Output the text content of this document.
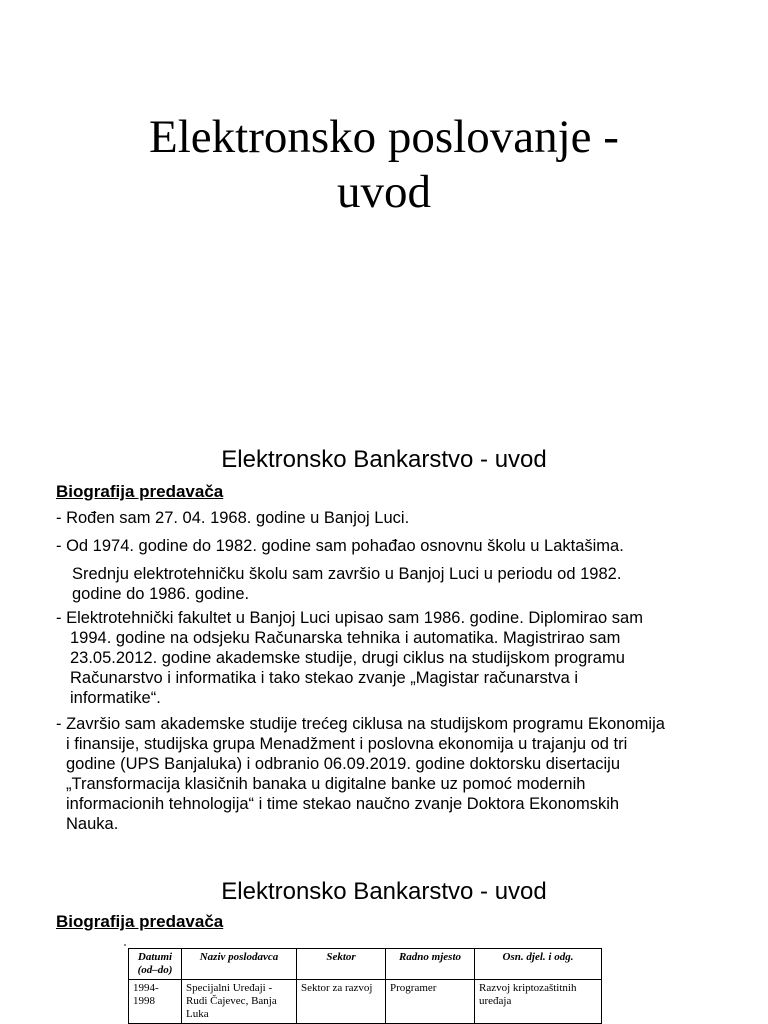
Elektronsko poslovanje -
uvod
Elektronsko Bankarstvo - uvod
Biografija predavača
- Rođen sam 27. 04. 1968. godine u Banjoj Luci.
- Od 1974. godine do 1982. godine sam pohađao osnovnu školu u Laktašima.
Srednju elektrotehničku školu sam završio u Banjoj Luci u periodu od 1982.
godine do 1986. godine.
- Elektrotehnički fakultet u Banjoj Luci upisao sam 1986. godine. Diplomirao sam
1994. godine na odsjeku Računarska tehnika i automatika. Magistrirao sam
23.05.2012. godine akademske studije, drugi ciklus na studijskom programu
Računarstvo i informatika i tako stekao zvanje „Magistar računarstva i
informatike“.
- Završio sam akademske studije trećeg ciklusa na studijskom programu Ekonomija
i finansije, studijska grupa Menadžment i poslovna ekonomija u trajanju od tri
godine (UPS Banjaluka) i odbranio 06.09.2019. godine doktorsku disertaciju
„Transformacija klasičnih banaka u digitalne banke uz pomoć modernih
informacionih tehnologija“ i time stekao naučno zvanje Doktora Ekonomskih
Nauka.
Elektronsko Bankarstvo - uvod
Biografija predavača
Datumi (od–do)	Naziv poslodavca	Sektor	Radno mjesto	Osn. djel. i odg.
1994-1998	Specijalni Uređaji - Rudi Čajevec, Banja Luka	Sektor za razvoj	Programer	Razvoj kriptozaštitnih uređaja
